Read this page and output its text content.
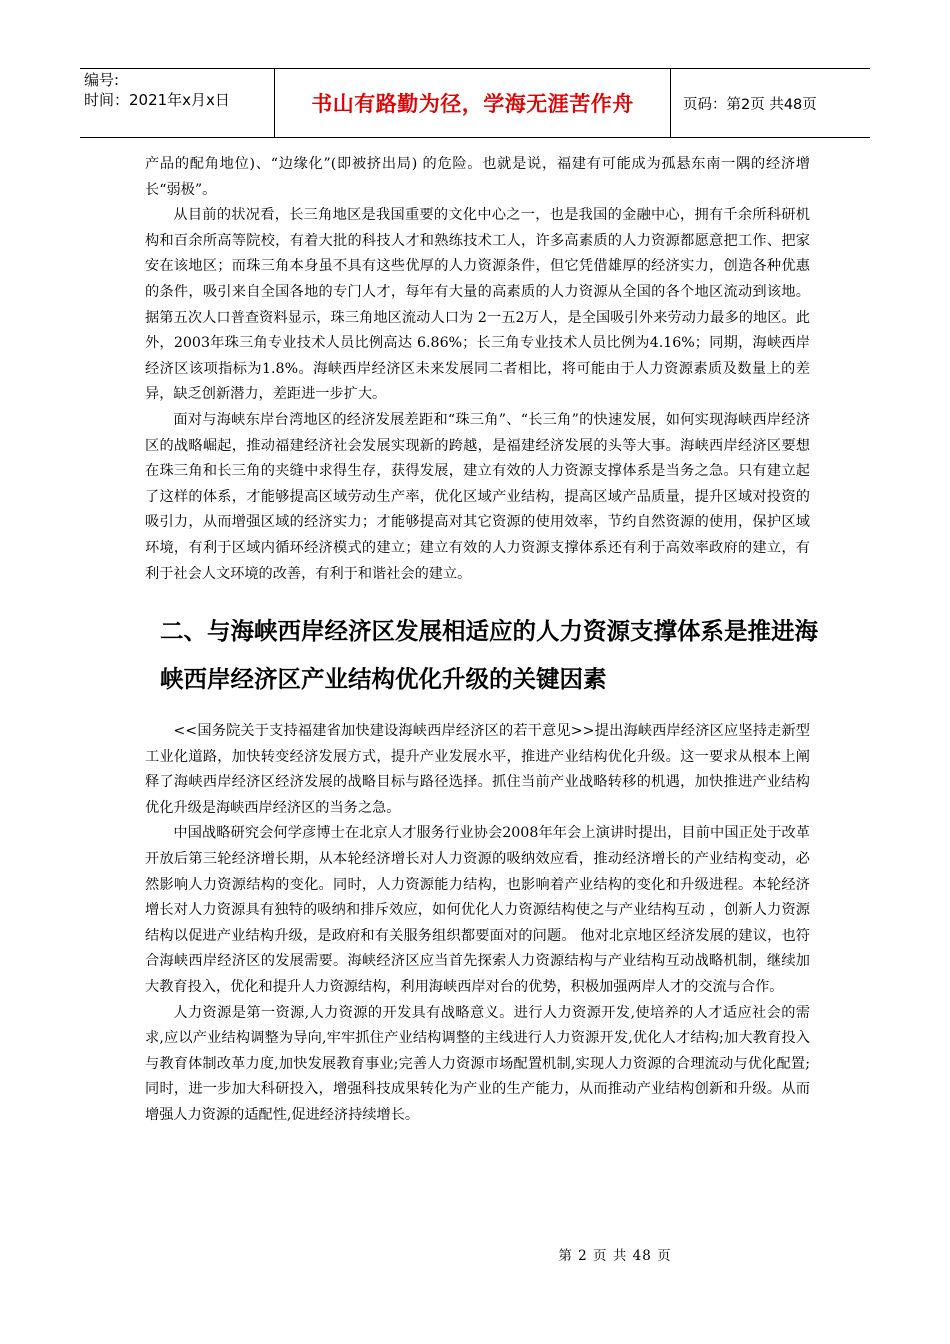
编号:
时间：2021年x月x日	书山有路勤为径，学海无涯苦作舟	页码：第2页 共48页

产品的配角地位)、“边缘化”(即被挤出局) 的危险。也就是说，福建有可能成为孤悬东南一隅的经济增长“弱极”。

从目前的状况看，长三角地区是我国重要的文化中心之一，也是我国的金融中心，拥有千余所科研机构和百余所高等院校，有着大批的科技人才和熟练技术工人，许多高素质的人力资源都愿意把工作、把家安在该地区；而珠三角本身虽不具有这些优厚的人力资源条件，但它凭借雄厚的经济实力，创造各种优惠的条件，吸引来自全国各地的专门人才，每年有大量的高素质的人力资源从全国的各个地区流动到该地。据第五次人口普查资料显示，珠三角地区流动人口为 2一五2万人，是全国吸引外来劳动力最多的地区。此外，2003年珠三角专业技术人员比例高达 6.86%；长三角专业技术人员比例为4.16%；同期，海峡西岸经济区该项指标为1.8%。海峡西岸经济区未来发展同二者相比，将可能由于人力资源素质及数量上的差异，缺乏创新潜力，差距进一步扩大。

面对与海峡东岸台湾地区的经济发展差距和“珠三角”、“长三角”的快速发展，如何实现海峡西岸经济区的战略崛起，推动福建经济社会发展实现新的跨越，是福建经济发展的头等大事。海峡西岸经济区要想在珠三角和长三角的夹缝中求得生存，获得发展，建立有效的人力资源支撑体系是当务之急。只有建立起了这样的体系，才能够提高区域劳动生产率，优化区域产业结构，提高区域产品质量，提升区域对投资的吸引力，从而增强区域的经济实力；才能够提高对其它资源的使用效率，节约自然资源的使用，保护区域环境，有利于区域内循环经济模式的建立；建立有效的人力资源支撑体系还有利于高效率政府的建立，有利于社会人文环境的改善，有利于和谐社会的建立。

二、与海峡西岸经济区发展相适应的人力资源支撑体系是推进海峡西岸经济区产业结构优化升级的关键因素

<<国务院关于支持福建省加快建设海峡西岸经济区的若干意见>>提出海峡西岸经济区应坚持走新型工业化道路，加快转变经济发展方式，提升产业发展水平，推进产业结构优化升级。这一要求从根本上阐释了海峡西岸经济区经济发展的战略目标与路径选择。抓住当前产业战略转移的机遇，加快推进产业结构优化升级是海峡西岸经济区的当务之急。

中国战略研究会何学彦博士在北京人才服务行业协会2008年年会上演讲时提出，目前中国正处于改革开放后第三轮经济增长期，从本轮经济增长对人力资源的吸纳效应看，推动经济增长的产业结构变动，必然影响人力资源结构的变化。同时，人力资源能力结构，也影响着产业结构的变化和升级进程。本轮经济增长对人力资源具有独特的吸纳和排斥效应，如何优化人力资源结构使之与产业结构互动 ，创新人力资源结构以促进产业结构升级，是政府和有关服务组织都要面对的问题。 他对北京地区经济发展的建议，也符合海峡西岸经济区的发展需要。海峡经济区应当首先探索人力资源结构与产业结构互动战略机制，继续加大教育投入，优化和提升人力资源结构，利用海峡西岸对台的优势，积极加强两岸人才的交流与合作。

人力资源是第一资源,人力资源的开发具有战略意义。进行人力资源开发,使培养的人才适应社会的需求,应以产业结构调整为导向,牢牢抓住产业结构调整的主线进行人力资源开发,优化人才结构;加大教育投入与教育体制改革力度,加快发展教育事业;完善人力资源市场配置机制,实现人力资源的合理流动与优化配置; 同时，进一步加大科研投入，增强科技成果转化为产业的生产能力，从而推动产业结构创新和升级。从而增强人力资源的适配性,促进经济持续增长。

第 2 页 共 48 页
